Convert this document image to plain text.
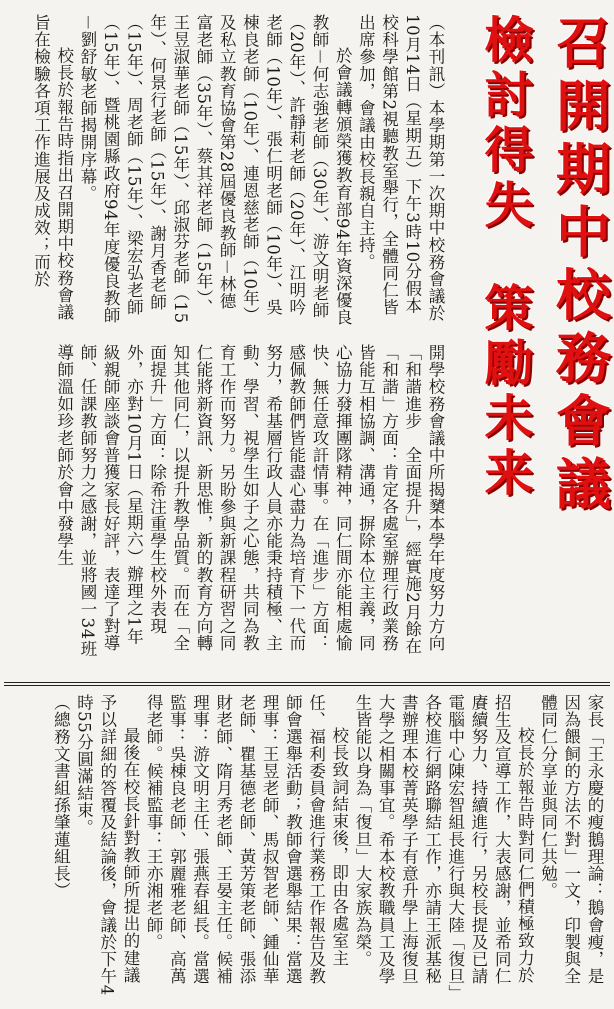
召開期中校務會議
檢討得失
策勵未来

（本刊訊）本學期第一次期中校務會議於10月14日（星期五）下午3時10分假本校科學館第2視聽教室舉行，全體同仁皆出席參加，會議由校長親自主持。

於會議轉頒榮獲教育部94年資深優良教師－何志強老師（30年）、游文明老師（20年）、許靜莉老師（20年）、江明吟老師（10年）、張仁明老師（10年）、吳棟良老師（10年）、連恩慈老師（10年）及私立教育協會第28屆優良教師－林德富老師（35年）、蔡其祥老師（15年）、王昱淑華老師（15年）、邱淑芬老師（15年）、何景行老師（15年）、謝月香老師（15年）、周老師（15年）、梁宏弘老師（15年）、暨桃園縣政府94年度優良教師－劉舒敏老師揭開序幕。

校長於報告時指出召開期中校務會議旨在檢驗各項工作進展及成效；而於

開學校務會議中所揭櫫本學年度努力方向「和諧進步　全面提升」，經實施2月餘在「和諧」方面：肯定各處室辦理行政業務皆能互相協調、溝通，摒除本位主義，同心協力發揮團隊精神，同仁間亦能相處愉快、無任意攻訐情事。在「進步」方面：感佩教師們皆能盡心盡力為培育下一代而努力，希基層行政人員亦能秉持積極、主動、學習、視學生如子之心態，共同為教育工作而努力。另盼參與新課程研習之同仁能將新資訊、新思惟，新的教育方向轉知其他同仁，以提升教學品質。而在「全面提升」方面：除希注重學生校外表現外，亦對10月1日（星期六）辦理之1年級親師座談會普獲家長好評，表達了對導師、任課教師努力之感謝，並將國一34班導師溫如珍老師於會中發學生

家長「王永慶的瘦鵝理論：鵝會瘦，是因為餵飼的方法不對」一文，印製與全體同仁分享並與同仁共勉。

校長於報告時對同仁們積極致力於招生及宣導工作，大表感謝，並希同仁賡續努力、持續進行，另校長提及已請電腦中心陳宏智組長進行與大陸「復旦」各校進行網路聯結工作，亦請王派基秘書辦理本校菁英學子有意升學上海復旦大學之相關事宜。希本校教職員工及學生皆能以身為「復旦」大家族為榮。

校長致詞結束後，即由各處室主任、福利委員會進行業務工作報告及教師會選舉活動；教師會選舉結果：當選理事：王昱老師、馬叔智老師、鍾仙華老師、瞿基德老師、黃芳策老師、張添財老師、隋月秀老師、王晏主任。候補理事：游文明主任、張燕春組長。當選監事：吳棟良老師、郭麗雅老師、高萬得老師。候補監事：王亦湘老師。

最後在校長針對教師所提出的建議予以詳細的答覆及結論後，會議於下午4時55分圓滿結束。

（總務文書組孫肇蓮組長）
